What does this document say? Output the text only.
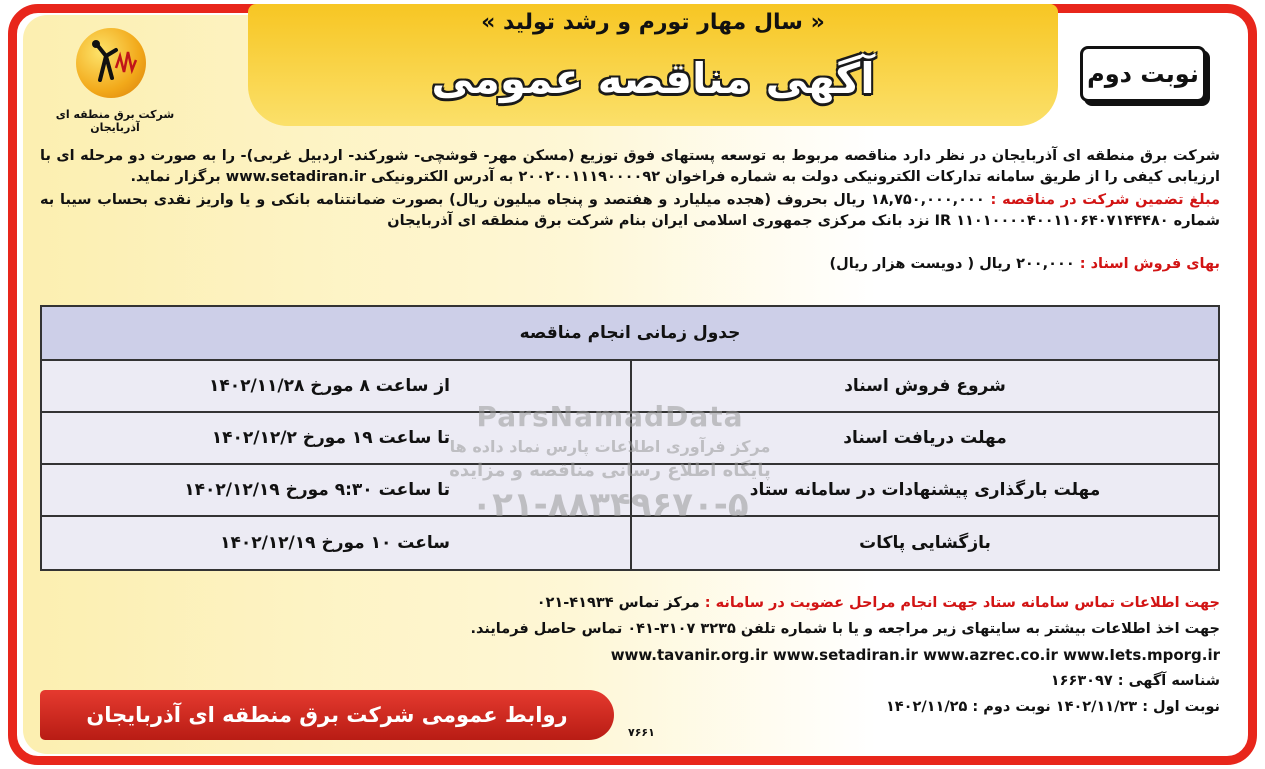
« سال مهار تورم و رشد تولید »
آگهی مناقصه عمومی	نوبت دوم
شرکت برق منطقه ای آذربایجان
شرکت برق منطقه ای آذربایجان در نظر دارد مناقصه مربوط به توسعه پستهای فوق توزیع (مسکن مهر- قوشچی- شورکند- اردبیل غربی)- را به صورت دو مرحله ای با ارزیابی کیفی را از طریق سامانه تدارکات الکترونیکی دولت به شماره فراخوان ۲۰۰۲۰۰۱۱۱۹۰۰۰۰۹۲ به آدرس الکترونیکی www.setadiran.ir برگزار نماید.
مبلغ تضمین شرکت در مناقصه : ۱۸,۷۵۰,۰۰۰,۰۰۰ ریال بحروف (هجده میلیارد و هفتصد و پنجاه میلیون ریال) بصورت ضمانتنامه بانکی و یا واریز نقدی بحساب سیبا به شماره IR ۱۱۰۱۰۰۰۰۴۰۰۱۱۰۶۴۰۷۱۴۴۴۸۰ نزد بانک مرکزی جمهوری اسلامی ایران بنام شرکت برق منطقه ای آذربایجان
بهای فروش اسناد : ۲۰۰,۰۰۰ ریال ( دویست هزار ریال)
جدول زمانی انجام مناقصه
شروع فروش اسناد
از ساعت ۸ مورخ ۱۴۰۲/۱۱/۲۸
مهلت دریافت اسناد
تا ساعت ۱۹ مورخ ۱۴۰۲/۱۲/۲
مهلت بارگذاری پیشنهادات در سامانه ستاد
تا ساعت ۹:۳۰ مورخ ۱۴۰۲/۱۲/۱۹
بازگشایی پاکات
ساعت ۱۰ مورخ ۱۴۰۲/۱۲/۱۹
ParsNamadData
مرکز فرآوری اطلاعات پارس نماد داده ها
پایگاه اطلاع رسانی مناقصه و مزایده
۰۲۱-۸۸۳۴۹۶۷۰-۵
جهت اطلاعات تماس سامانه ستاد جهت انجام مراحل عضویت در سامانه : مرکز تماس ۴۱۹۳۴-۰۲۱
جهت اخذ اطلاعات بیشتر به سایتهای زیر مراجعه و یا با شماره تلفن ۳۲۳۵ ۳۱۰۷-۰۴۱ تماس حاصل فرمایند.
www.tavanir.org.ir www.setadiran.ir www.azrec.co.ir www.Iets.mporg.ir
شناسه آگهی : ۱۶۶۳۰۹۷
نوبت اول : ۱۴۰۲/۱۱/۲۳ نوبت دوم : ۱۴۰۲/۱۱/۲۵
روابط عمومی شرکت برق منطقه ای آذربایجان
۷۶۶۱
